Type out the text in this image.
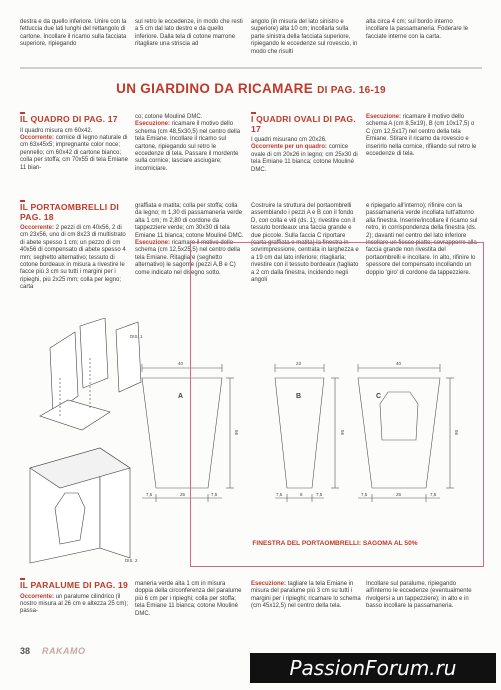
destra e da quello inferiore. Unire con la fettuccia due lati lunghi del rettangolo di cartone. Incollare il ricamo sulla facciata superiore, ripiegando

sul retro le eccedenze, in modo che resti a 5 cm dal lato destro e da quello inferiore. Dalla tela di cotone marrone ritagliare una striscia ad

angolo (in misura del lato sinistro e superiore) alta 10 cm; incollarla sulla parte sinistra della facciata superiore, ripiegando le eccedenze sul rovescio, in modo che risulti

alta circa 4 cm; sul bordo interno incollare la passamaneria. Foderare le facciate interne con la carta.

UN GIARDINO DA RICAMARE DI PAG. 16-19
IL QUADRO DI PAG. 17

Il quadro misura cm 60x42.

Occorrente: cornice di legno naturale di cm 63x45x5; impregnante color noce; pennello; cm 60x42 di cartone bianco; colla per stoffa; cm 70x55 di tela Emiane 11 bian-

co; cotone Mouliné DMC.

Esecuzione: ricamare il motivo dello schema (cm 48,5x30,5) nel centro della tela Emiane. Incollare il ricamo sul cartone, ripiegando sul retro le eccedenze di tela. Passare il mordente sulla cornice; lasciare asciugare; incorniciare.

I QUADRI OVALI DI PAG. 17

I quadri misurano cm 20x26.

Occorrente per un quadro: cornice ovale di cm 20x26 in legno; cm 25x30 di tela Emiane 11 bianca; cotone Mouliné DMC.

Esecuzione: ricamare il motivo dello schema A (cm 8,5x19), B (cm 10x17,5) o C (cm 12,5x17) nel centro della tela Emiane. Stirare il ricamo da rovescio e inserirlo nella cornice, rifilando sul retro le eccedenze di tela.

IL PORTAOMBRELLI DI PAG. 18

Occorrente: 2 pezzi di cm 40x56, 2 di cm 23x56, uno di cm 8x23 di multistrato di abete spesso 1 cm; un pezzo di cm 40x56 di compensato di abete spesso 4 mm; seghetto alternativo; tessuto di cotone bordeaux in misura a rivestire le facce più 3 cm su tutti i margini per i ripieghi, più 2x25 mm; colla per legno; carta

graffiata e matita; colla per stoffa; colla da legno; m 1,30 di passamaneria verde alta 1 cm; m 2,80 di cordone da tappezziere verde; cm 30x30 di tela Emiane 11 bianca; cotone Mouliné DMC.

Esecuzione: ricamare il motivo dello schema (cm 12,5x25,5) nel centro della tela Emiane. Ritagliare (seghetto alternativo) le sagome (pezzi A,B e C) come indicato nel disegno sotto.

Costruire la struttura del portaombrelli assemblando i pezzi A e B con il fondo D, con colla e viti (ds. 1); rivestire con il tessuto bordeaux una faccia grande e due piccole. Sulla faccia C riportare (carta graffiata e matita) la finestra in sovrimpressione, centrata in larghezza e a 19 cm dal lato inferiore; ritagliarla; rivestire con il tessuto bordeaux (tagliato a 2 cm dalla finestra, incidendo negli angoli

e ripiegarlo all'interno); rifinire con la passamaneria verde incollata tutt'attorno alla finestra. Inserire/incollare il ricamo sul retro, in corrispondenza della finestra (ds. 2); davanti nel centro del lato inferiore incollare un fiocco piatto; sovrapporre alla faccia grande non rivestita del portaombrelli e incollare. In alto, rifinire lo spessore del compensato incollando un doppio 'giro' di cordone da tappezziere.

DIS. 1
DIS. 2
40
A
56
7,5	25	7,5
23
B
56
7,5	8	7,5
40
C
56
7,5	25	7,5
FINESTRA DEL PORTAOMBRELLI: SAGOMA AL 50%
IL PARALUME DI PAG. 19

Occorrente: un paralume cilindrico (il nostro misura al 26 cm e altezza 25 cm); passa-

maneria verde alta 1 cm in misura doppia della circonferenza del paralume più 6 cm per i ripieghi; colla per stoffa; tela Emiane 11 bianca; cotone Mouliné DMC.

Esecuzione: tagliare la tela Emiane in misura del paralume più 3 cm su tutti i margini per i ripieghi; ricamare lo schema (cm 45x12,5) nel centro della tela.

Incollare sul paralume, ripiegando all'interno le eccedenze (eventualmente rivolgersi a un tappezziere); in alto e in basso incollare la passamaneria.

38 RAKAMO
PassionForum.ru
